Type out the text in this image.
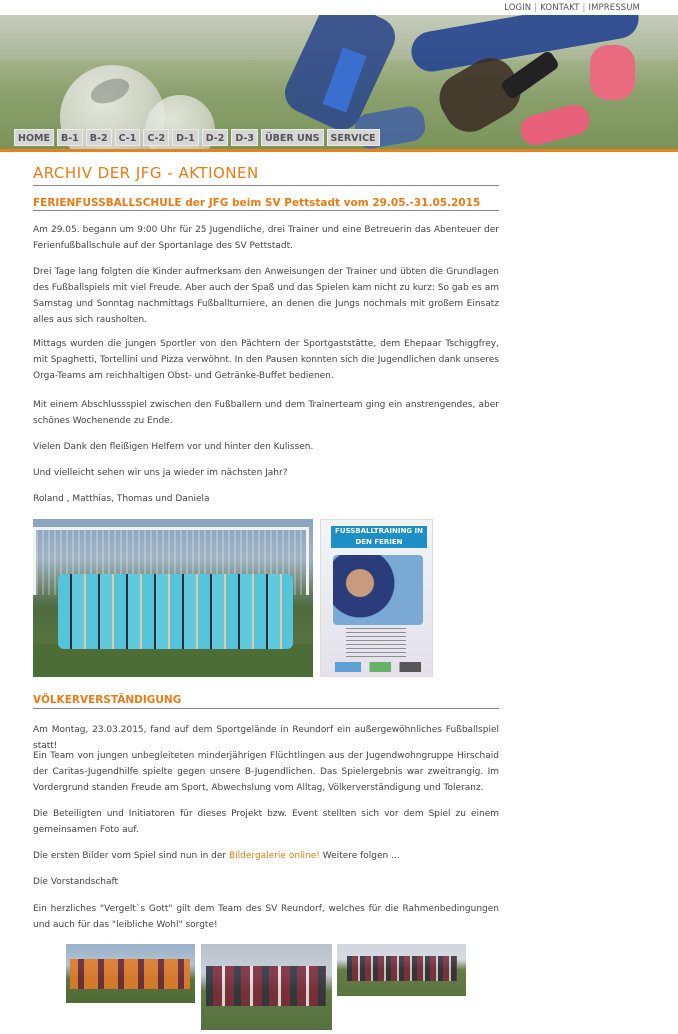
LOGIN | KONTAKT | IMPRESSUM
HOME	B-1	B-2	C-1	C-2	D-1	D-2	D-3	ÜBER UNS	SERVICE
ARCHIV DER JFG - AKTIONEN
FERIENFUSSBALLSCHULE der JFG beim SV Pettstadt vom 29.05.-31.05.2015

Am 29.05. begann um 9:00 Uhr für 25 Jugendliche, drei Trainer und eine Betreuerin das Abenteuer der Ferienfußballschule auf der Sportanlage des SV Pettstadt.

Drei Tage lang folgten die Kinder aufmerksam den Anweisungen der Trainer und übten die Grundlagen des Fußballspiels mit viel Freude. Aber auch der Spaß und das Spielen kam nicht zu kurz: So gab es am Samstag und Sonntag nachmittags Fußballturniere, an denen die Jungs nochmals mit großem Einsatz alles aus sich rausholten.

Mittags wurden die jungen Sportler von den Pächtern der Sportgaststätte, dem Ehepaar Tschiggfrey, mit Spaghetti, Tortellini und Pizza verwöhnt. In den Pausen konnten sich die Jugendlichen dank unseres Orga-Teams am reichhaltigen Obst- und Getränke-Buffet bedienen.

Mit einem Abschlussspiel zwischen den Fußballern und dem Trainerteam ging ein anstrengendes, aber schönes Wochenende zu Ende.

Vielen Dank den fleißigen Helfern vor und hinter den Kulissen.

Und vielleicht sehen wir uns ja wieder im nächsten Jahr?

Roland , Matthias, Thomas und Daniela

VÖLKERVERSTÄNDIGUNG

Am Montag, 23.03.2015, fand auf dem Sportgelände in Reundorf ein außergewöhnliches Fußballspiel statt!

Ein Team von jungen unbegleiteten minderjährigen Flüchtlingen aus der Jugendwohngruppe Hirschaid der Caritas-Jugendhilfe spielte gegen unsere B-Jugendlichen. Das Spielergebnis war zweitrangig. Im Vordergrund standen Freude am Sport, Abwechslung vom Alltag, Völkerverständigung und Toleranz.

Die Beteiligten und Initiatoren für dieses Projekt bzw. Event stellten sich vor dem Spiel zu einem gemeinsamen Foto auf.

Die ersten Bilder vom Spiel sind nun in der Bildergalerie online! Weitere folgen ...

Die Vorstandschaft

Ein herzliches "Vergelt`s Gott" gilt dem Team des SV Reundorf, welches für die Rahmenbedingungen und auch für das "leibliche Wohl" sorgte!

FUSSBALLTRAINING IN DEN FERIEN
